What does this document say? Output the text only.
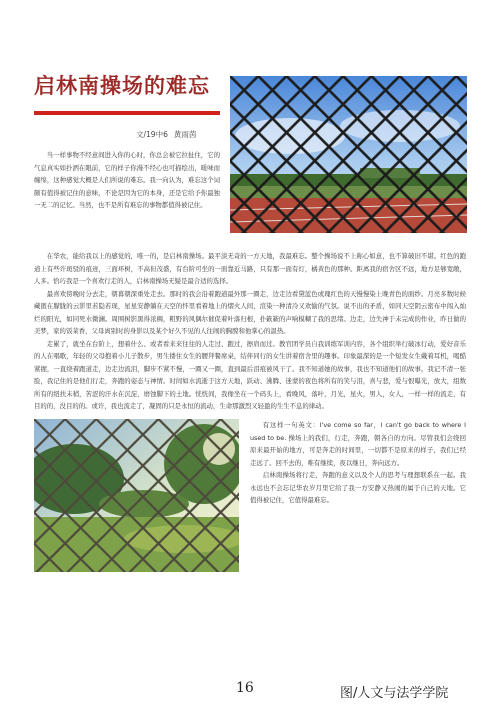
启林南操场的难忘
文/19中6 黄雨茵

当一样事物不经意间进入你的心时，你总会被它拉扯住，它的气息真实如扑洒在眼前，它的样子你漫不经心也可描绘出，暖味而缠绵，这种感觉大概是人们所说的难忘。我一向认为，难忘这个词颇有值得被记住的意味，不论是因为它的本身，还是它给予你最独一无二的记忆。当然，也不是所有难忘的事物都值得被记住。

在华农，能给我以上的感觉的，唯一的，是启林南操场。最平淡无奇的一方天地，我最难忘。整个操场说不上称心如意，也不算破旧不堪。红色的跑道上有些许斑驳的痕迹，三面环树，不高但茂盛，有台阶可坐的一面靠近马路，只有那一面有灯，橘黄色的那种。距离我的宿舍区不远，地方足够宽敞，人多。恰巧我是一个喜欢行走的人，启林南操场无疑是最合适的选择。

最喜欢傍晚时分去走，朝暮朝深重处走去。那时的我会沿着跑道最外那一圈走，边走边看黛蓝色或瑰红色的天慢慢染上晚青色的面纱。月亮多数时候藏匿在朦胧的云影里若隐若现，星星安静躺在天空的怀里看着地上的熠火人间，渲染一种清冷又欢愉的气氛。说不出的矛盾，如同天空阴云密布中闯入灿烂的阳光，如同死水微澜。周围树影黑得浓稠，粗野的风偶尔催促着叶落归根，扑簌簌的声响模糊了我的思绪。边走，边失神于未完成的作业，昨日做的美梦，家的饭菜香，父母离别时的身影以及某个好久不见的人往闹的胸膛和他掌心的温热。

走累了，就坐在台阶上，想着什么、或者看来来往往的人走过、跑过，擦肩而过。教官团学员自我训练军训内容，各个组织举行破冰行动，爱好音乐的人在唱歌，年轻的父母抱着小儿子散步，男生搂住女生的腰拜餐席桌，结伴同行的女生讲着宿舍里的趣事。印象最深的是一个短发女生戴着耳机，喝酷紧握，一直绕着跑道走，边走边流泪，脚步不紧不慢，一圈又一圈，直到最后泪痕被风干了。我不知道她的故事，我也不知道他们的故事。我记不清一张脸，我记住的是他们行走，奔跑的姿态与神情。时间如水流逝于这方天地，跃动、沸腾、迷蒙的夜色将所有的笑与泪，喜与悲，爱与恨曝光，放大，组数所有的纽扶未稍，苦涩的汗水在沉淀，磨蚀脚下的土地。恍恍间，我像坐在一个码头上，看晚风，落叶，月光，星火，男人，女人，一样一样的流走，有目的的，没目的的。或许，我也流走了，凝固的只是永恒的流动，生命那激烈又轻盈的生生不息的律动。

有这样一句英文：I've come so far，I can't go back to where I used to be. 操场上的我们，行走，奔跑，朝各自的方向。尽管我们会绕回原来最开始的地方，可是奔走的时间里，一切都不是原来的样子，我们已经走远了。回不去的，唯有继续，夜以继日，奔向远方。

启林南操场将行走，奔跑的意义以及个人的思考与理想联系在一起。我永远也不会忘记华农岁月里它给了我一方安静又热闹的属于自己的天地。它值得被记住，它值得最难忘。

16	图/人文与法学学院
